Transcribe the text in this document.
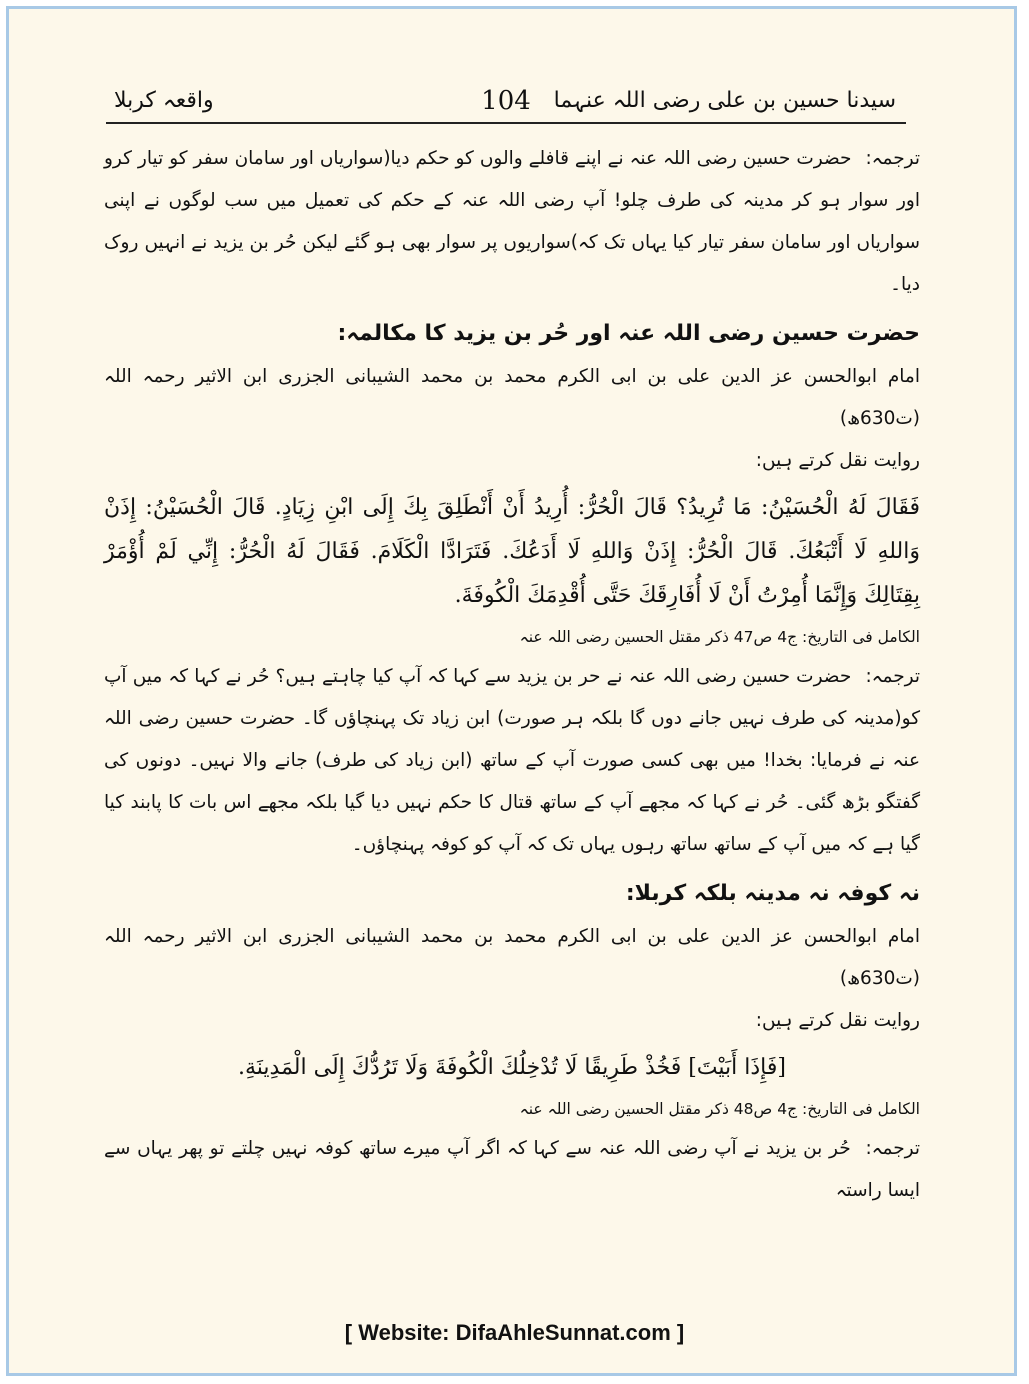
سیدنا حسین بن علی رضی اللہ عنہما
104
واقعہ کربلا

ترجمہ: حضرت حسین رضی اللہ عنہ نے اپنے قافلے والوں کو حکم دیا(سواریاں اور سامان سفر کو تیار کرو اور سوار ہو کر مدینہ کی طرف چلو! آپ رضی اللہ عنہ کے حکم کی تعمیل میں سب لوگوں نے اپنی سواریاں اور سامان سفر تیار کیا یہاں تک کہ)سواریوں پر سوار بھی ہو گئے لیکن حُر بن یزید نے انہیں روک دیا۔

حضرت حسین رضی اللہ عنہ اور حُر بن یزید کا مکالمہ:

امام ابوالحسن عز الدین علی بن ابی الکرم محمد بن محمد الشیبانی الجزری ابن الاثیر رحمہ اللہ (ت630ھ)

روایت نقل کرتے ہیں:

فَقَالَ لَهُ الْحُسَيْنُ: مَا تُرِيدُ؟ قَالَ الْحُرُّ: أُرِيدُ أَنْ أَنْطَلِقَ بِكَ إِلَى ابْنِ زِيَادٍ. قَالَ الْحُسَيْنُ: إِذَنْ وَاللهِ لَا أَتْبَعُكَ. قَالَ الْحُرُّ: إِذَنْ وَاللهِ لَا أَدَعُكَ. فَتَرَادَّا الْكَلَامَ. فَقَالَ لَهُ الْحُرُّ: إِنِّي لَمْ أُؤْمَرْ بِقِتَالِكَ وَإِنَّمَا أُمِرْتُ أَنْ لَا أُفَارِقَكَ حَتَّى أُقْدِمَكَ الْكُوفَةَ.

الکامل فی التاریخ: ج4 ص47 ذکر مقتل الحسین رضی اللہ عنہ

ترجمہ: حضرت حسین رضی اللہ عنہ نے حر بن یزید سے کہا کہ آپ کیا چاہتے ہیں؟ حُر نے کہا کہ میں آپ کو(مدینہ کی طرف نہیں جانے دوں گا بلکہ ہر صورت) ابن زیاد تک پہنچاؤں گا۔ حضرت حسین رضی اللہ عنہ نے فرمایا: بخدا! میں بھی کسی صورت آپ کے ساتھ (ابن زیاد کی طرف) جانے والا نہیں۔ دونوں کی گفتگو بڑھ گئی۔ حُر نے کہا کہ مجھے آپ کے ساتھ قتال کا حکم نہیں دیا گیا بلکہ مجھے اس بات کا پابند کیا گیا ہے کہ میں آپ کے ساتھ ساتھ رہوں یہاں تک کہ آپ کو کوفہ پہنچاؤں۔

نہ کوفہ نہ مدینہ بلکہ کربلا:

امام ابوالحسن عز الدین علی بن ابی الکرم محمد بن محمد الشیبانی الجزری ابن الاثیر رحمہ اللہ (ت630ھ)

روایت نقل کرتے ہیں:

[فَإِذَا أَبَيْتَ] فَخُذْ طَرِيقًا لَا تُدْخِلُكَ الْكُوفَةَ وَلَا تَرُدُّكَ إِلَى الْمَدِينَةِ.

الکامل فی التاریخ: ج4 ص48 ذکر مقتل الحسین رضی اللہ عنہ

ترجمہ: حُر بن یزید نے آپ رضی اللہ عنہ سے کہا کہ اگر آپ میرے ساتھ کوفہ نہیں چلتے تو پھر یہاں سے ایسا راستہ

[ Website: DifaAhleSunnat.com ]
